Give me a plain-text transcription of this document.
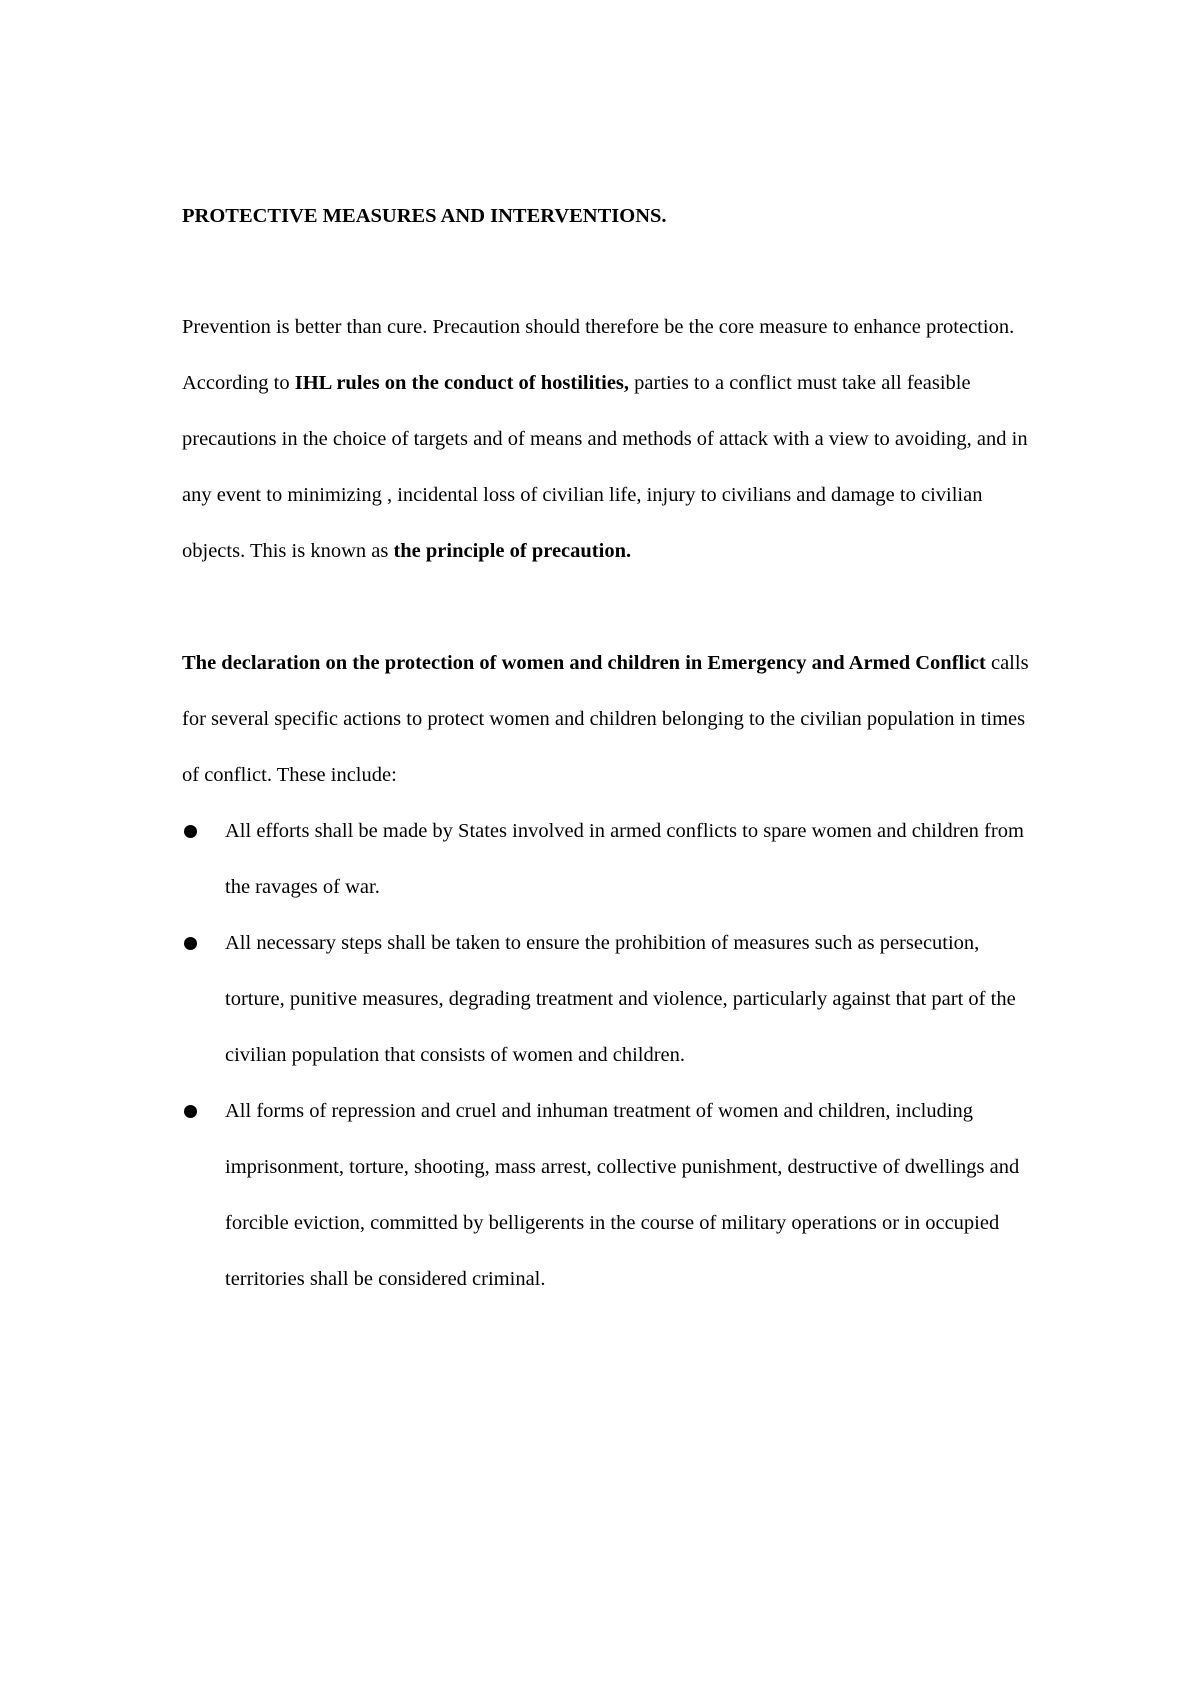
PROTECTIVE MEASURES AND INTERVENTIONS.

Prevention is better than cure. Precaution should therefore be the core measure to enhance protection. According to IHL rules on the conduct of hostilities, parties to a conflict must take all feasible precautions in the choice of targets and of means and methods of attack with a view to avoiding, and in any event to minimizing , incidental loss of civilian life, injury to civilians and damage to civilian objects. This is known as the principle of precaution.

The declaration on the protection of women and children in Emergency and Armed Conflict calls for several specific actions to protect women and children belonging to the civilian population in times of conflict. These include:

All efforts shall be made by States involved in armed conflicts to spare women and children from the ravages of war.
All necessary steps shall be taken to ensure the prohibition of measures such as persecution, torture, punitive measures, degrading treatment and violence, particularly against that part of the civilian population that consists of women and children.
All forms of repression and cruel and inhuman treatment of women and children, including imprisonment, torture, shooting, mass arrest, collective punishment, destructive of dwellings and forcible eviction, committed by belligerents in the course of military operations or in occupied territories shall be considered criminal.
